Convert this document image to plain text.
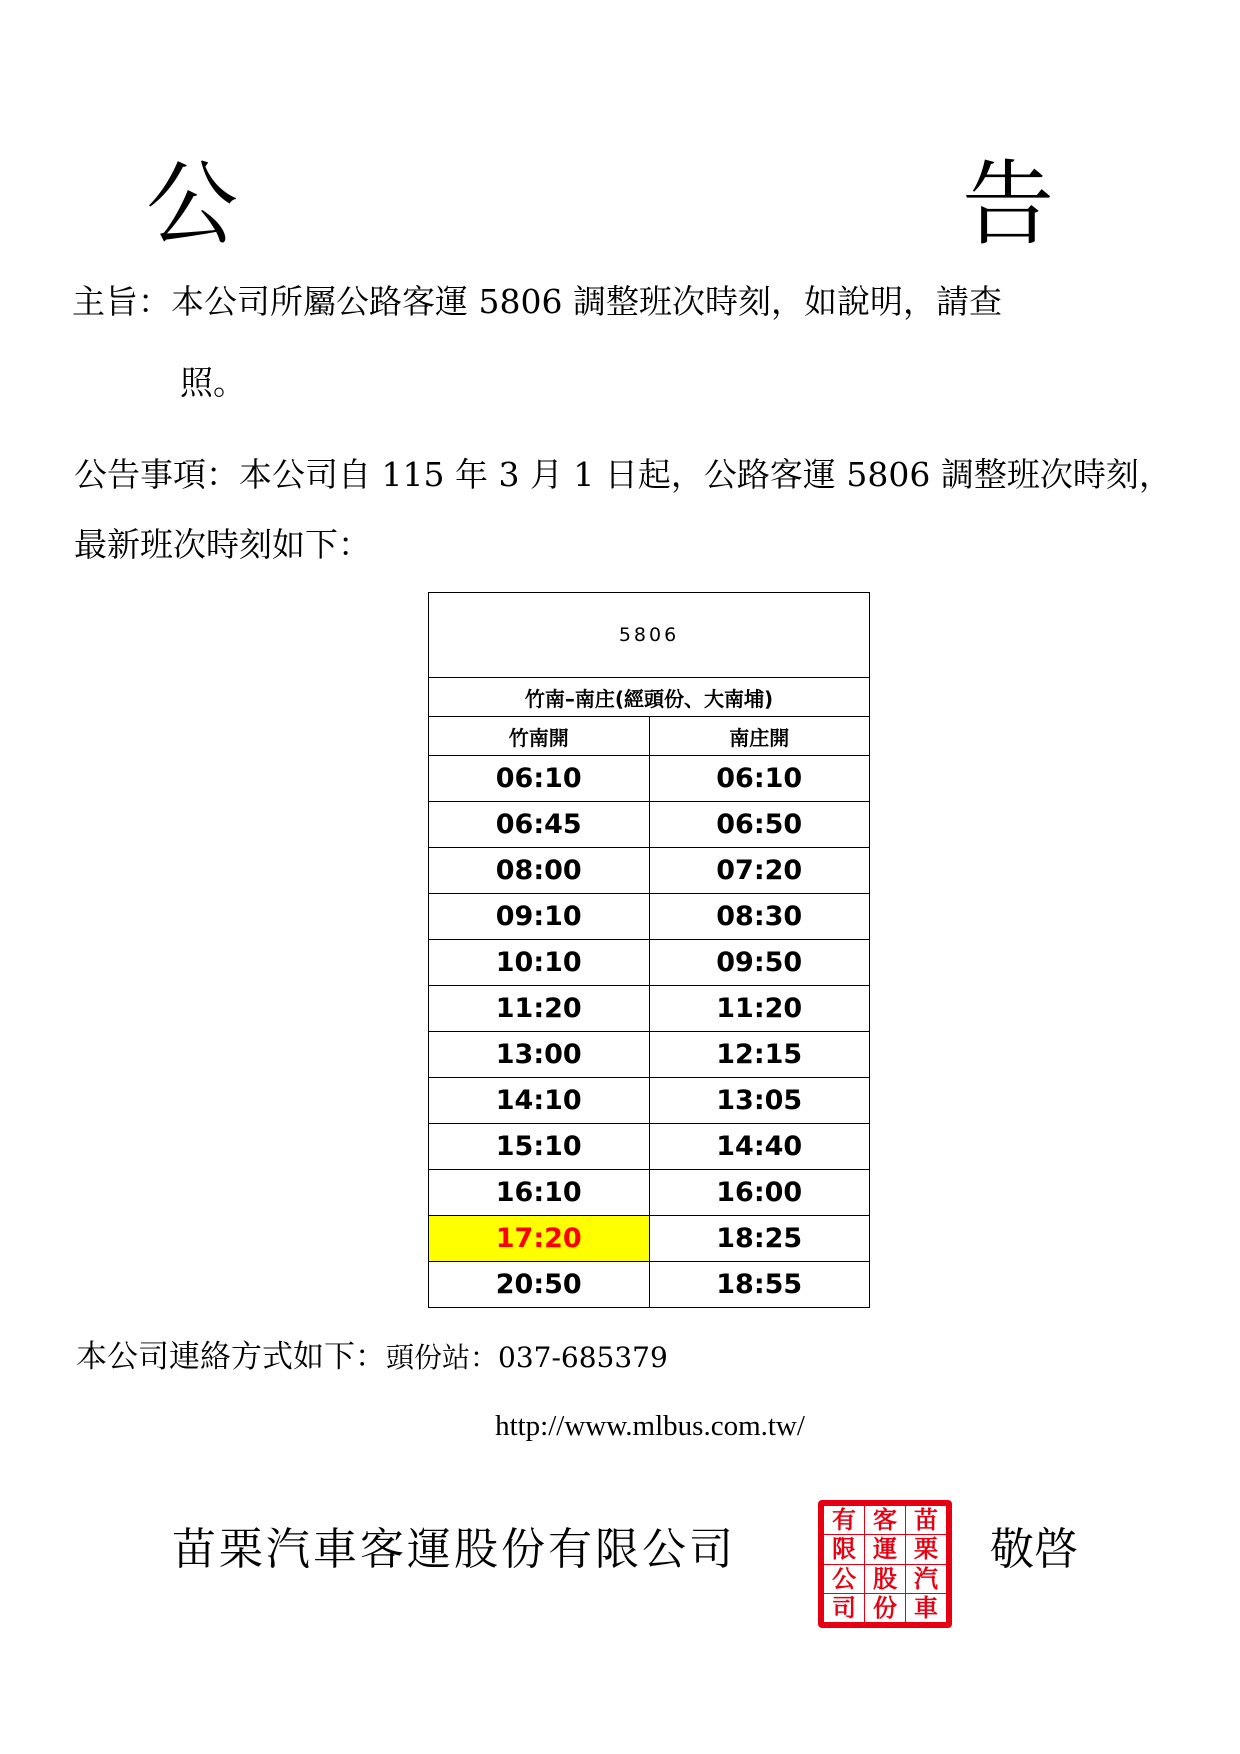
公　　告
主旨：本公司所屬公路客運 5806 調整班次時刻，如說明，請查
照。
公告事項：本公司自 115 年 3 月 1 日起，公路客運 5806 調整班次時刻，最新班次時刻如下：
5806	
竹南–南庄(經頭份、大南埔)	
竹南開	南庄開
06:10	06:10
06:45	06:50
08:00	07:20
09:10	08:30
10:10	09:50
11:20	11:20
13:00	12:15
14:10	13:05
15:10	14:40
16:10	16:00
17:20	18:25
20:50	18:55
本公司連絡方式如下：頭份站：037-685379
http://www.mlbus.com.tw/
苗栗汽車客運股份有限公司
有 客 苗
限 運 栗
公 股 汽
司 份 車
敬啓
